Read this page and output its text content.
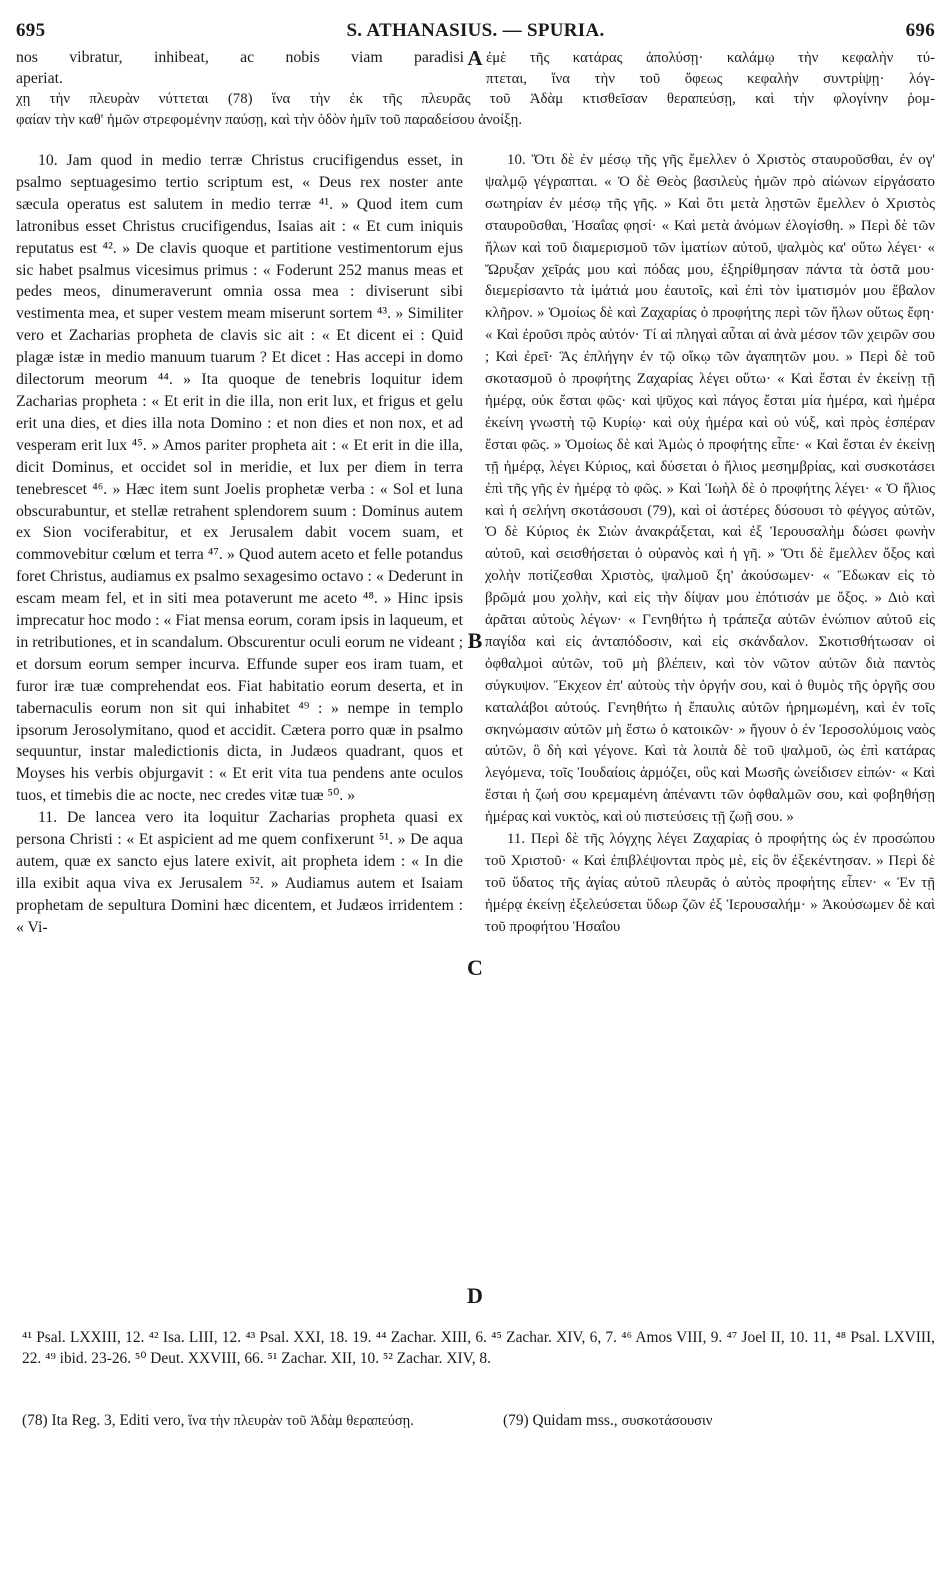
695	S. ATHANASIUS. — SPURIA.	696
nos vibratur, inhibeat, ac nobis viam paradisi A ἐμὲ τῆς κατάρας ἀπολύσῃ· καλάμῳ τὴν κεφαλὴν τύ-
aperiat.	πτεται, ἵνα τὴν τοῦ ὄφεως κεφαλὴν συντρίψῃ· λόγ-
χῃ τὴν πλευρὰν νύττεται (78) ἵνα τὴν ἐκ τῆς πλευρᾶς τοῦ Ἀδὰμ κτισθεῖσαν θεραπεύσῃ, καὶ τὴν φλογίνην ῥομ-
φαίαν τὴν καθ' ἡμῶν στρεφομένην παύσῃ, καὶ τὴν ὁδὸν ἡμῖν τοῦ παραδείσου ἀνοίξῃ.

10. Jam quod in medio terræ Christus crucifigendus esset, in psalmo septuagesimo tertio scriptum est, « Deus rex noster ante sæcula operatus est salutem in medio terræ ⁴¹. » Quod item cum latronibus esset Christus crucifigendus, Isaias ait : « Et cum iniquis reputatus est ⁴². » De clavis quoque et partitione vestimentorum ejus sic habet psalmus vicesimus primus : « Foderunt 252 manus meas et pedes meos, dinumeraverunt omnia ossa mea : diviserunt sibi vestimenta mea, et super vestem meam miserunt sortem ⁴³. » Similiter vero et Zacharias propheta de clavis sic ait : « Et dicent ei : Quid plagæ istæ in medio manuum tuarum ? Et dicet : Has accepi in domo dilectorum meorum ⁴⁴. » Ita quoque de tenebris loquitur idem Zacharias propheta : « Et erit in die illa, non erit lux, et frigus et gelu erit una dies, et dies illa nota Domino : et non dies et non nox, et ad vesperam erit lux ⁴⁵. » Amos pariter propheta ait : « Et erit in die illa, dicit Dominus, et occidet sol in meridie, et lux per diem in terra tenebrescet ⁴⁶. » Hæc item sunt Joelis prophetæ verba : « Sol et luna obscurabuntur, et stellæ retrahent splendorem suum : Dominus autem ex Sion vociferabitur, et ex Jerusalem dabit vocem suam, et commovebitur cœlum et terra ⁴⁷. » Quod autem aceto et felle potandus foret Christus, audiamus ex psalmo sexagesimo octavo : « Dederunt in escam meam fel, et in siti mea potaverunt me aceto ⁴⁸. » Hinc ipsis imprecatur hoc modo : « Fiat mensa eorum, coram ipsis in laqueum, et in retributiones, et in scandalum. Obscurentur oculi eorum ne videant ; et dorsum eorum semper incurva. Effunde super eos iram tuam, et furor iræ tuæ comprehendat eos. Fiat habitatio eorum deserta, et in tabernaculis eorum non sit qui inhabitet ⁴⁹ : » nempe in templo ipsorum Jerosolymitano, quod et accidit. Cætera porro quæ in psalmo sequuntur, instar maledictionis dicta, in Judæos quadrant, quos et Moyses his verbis objurgavit : « Et erit vita tua pendens ante oculos tuos, et timebis die ac nocte, nec credes vitæ tuæ ⁵⁰. »

11. De lancea vero ita loquitur Zacharias propheta quasi ex persona Christi : « Et aspicient ad me quem confixerunt ⁵¹. » De aqua autem, quæ ex sancto ejus latere exivit, ait propheta idem : « In die illa exibit aqua viva ex Jerusalem ⁵². » Audiamus autem et Isaiam prophetam de sepultura Domini hæc dicentem, et Judæos irridentem : « Vi-

B
C
D

10. Ὅτι δὲ ἐν μέσῳ τῆς γῆς ἔμελλεν ὁ Χριστὸς σταυροῦσθαι, ἐν ογ' ψαλμῷ γέγραπται. « Ὁ δὲ Θεὸς βασιλεὺς ἡμῶν πρὸ αἰώνων εἰργάσατο σωτηρίαν ἐν μέσῳ τῆς γῆς. » Καὶ ὅτι μετὰ λῃστῶν ἔμελλεν ὁ Χριστὸς σταυροῦσθαι, Ἡσαΐας φησί· « Καὶ μετὰ ἀνόμων ἐλογίσθη. » Περὶ δὲ τῶν ἥλων καὶ τοῦ διαμερισμοῦ τῶν ἱματίων αὐτοῦ, ψαλμὸς κα' οὕτω λέγει· « Ὤρυξαν χεῖράς μου καὶ πόδας μου, ἐξηρίθμησαν πάντα τὰ ὀστᾶ μου· διεμερίσαντο τὰ ἱμάτιά μου ἑαυτοῖς, καὶ ἐπὶ τὸν ἱματισμόν μου ἔβαλον κλῆρον. » Ὁμοίως δὲ καὶ Ζαχαρίας ὁ προφήτης περὶ τῶν ἥλων οὕτως ἔφη· « Καὶ ἐροῦσι πρὸς αὐτόν· Τί αἱ πληγαὶ αὗται αἱ ἀνὰ μέσον τῶν χειρῶν σου ; Καὶ ἐρεῖ· Ἃς ἐπλήγην ἐν τῷ οἴκῳ τῶν ἀγαπητῶν μου. » Περὶ δὲ τοῦ σκοτασμοῦ ὁ προφήτης Ζαχαρίας λέγει οὕτω· « Καὶ ἔσται ἐν ἐκείνῃ τῇ ἡμέρᾳ, οὐκ ἔσται φῶς· καὶ ψῦχος καὶ πάγος ἔσται μία ἡμέρα, καὶ ἡμέρα ἐκείνη γνωστὴ τῷ Κυρίῳ· καὶ οὐχ ἡμέρα καὶ οὐ νύξ, καὶ πρὸς ἑσπέραν ἔσται φῶς. » Ὁμοίως δὲ καὶ Ἀμὼς ὁ προφήτης εἶπε· « Καὶ ἔσται ἐν ἐκείνῃ τῇ ἡμέρᾳ, λέγει Κύριος, καὶ δύσεται ὁ ἥλιος μεσημβρίας, καὶ συσκοτάσει ἐπὶ τῆς γῆς ἐν ἡμέρᾳ τὸ φῶς. » Καὶ Ἰωὴλ δὲ ὁ προφήτης λέγει· « Ὁ ἥλιος καὶ ἡ σελήνη σκοτάσουσι (79), καὶ οἱ ἀστέρες δύσουσι τὸ φέγγος αὐτῶν, Ὁ δὲ Κύριος ἐκ Σιὼν ἀνακράξεται, καὶ ἐξ Ἱερουσαλὴμ δώσει φωνὴν αὐτοῦ, καὶ σεισθήσεται ὁ οὐρανὸς καὶ ἡ γῆ. » Ὅτι δὲ ἔμελλεν ὄξος καὶ χολὴν ποτίζεσθαι Χριστὸς, ψαλμοῦ ξη' ἀκούσωμεν· « Ἔδωκαν εἰς τὸ βρῶμά μου χολὴν, καὶ εἰς τὴν δίψαν μου ἐπότισάν με ὄξος. » Διὸ καὶ ἀρᾶται αὐτοὺς λέγων· « Γενηθήτω ἡ τράπεζα αὐτῶν ἐνώπιον αὐτοῦ εἰς παγίδα καὶ εἰς ἀνταπόδοσιν, καὶ εἰς σκάνδαλον. Σκοτισθήτωσαν οἱ ὀφθαλμοὶ αὐτῶν, τοῦ μὴ βλέπειν, καὶ τὸν νῶτον αὐτῶν διὰ παντὸς σύγκυψον. Ἔκχεον ἐπ' αὐτοὺς τὴν ὀργήν σου, καὶ ὁ θυμὸς τῆς ὀργῆς σου καταλάβοι αὐτούς. Γενηθήτω ἡ ἔπαυλις αὐτῶν ἠρημωμένη, καὶ ἐν τοῖς σκηνώμασιν αὐτῶν μὴ ἔστω ὁ κατοικῶν· » ἤγουν ὁ ἐν Ἱεροσολύμοις ναὸς αὐτῶν, ὃ δὴ καὶ γέγονε. Καὶ τὰ λοιπὰ δὲ τοῦ ψαλμοῦ, ὡς ἐπὶ κατάρας λεγόμενα, τοῖς Ἰουδαίοις ἁρμόζει, οὓς καὶ Μωσῆς ὠνείδισεν εἰπών· « Καὶ ἔσται ἡ ζωή σου κρεμαμένη ἀπέναντι τῶν ὀφθαλμῶν σου, καὶ φοβηθήσῃ ἡμέρας καὶ νυκτὸς, καὶ οὐ πιστεύσεις τῇ ζωῇ σου. »

11. Περὶ δὲ τῆς λόγχης λέγει Ζαχαρίας ὁ προφήτης ὡς ἐν προσώπου τοῦ Χριστοῦ· « Καὶ ἐπιβλέψονται πρὸς μὲ, εἰς ὃν ἐξεκέντησαν. » Περὶ δὲ τοῦ ὕδατος τῆς ἁγίας αὐτοῦ πλευρᾶς ὁ αὐτὸς προφήτης εἶπεν· « Ἐν τῇ ἡμέρᾳ ἐκείνῃ ἐξελεύσεται ὕδωρ ζῶν ἐξ Ἱερουσαλήμ· » Ἀκούσωμεν δὲ καὶ τοῦ προφήτου Ἡσαΐου

⁴¹ Psal. LXXIII, 12. ⁴² Isa. LIII, 12. ⁴³ Psal. XXI, 18. 19. ⁴⁴ Zachar. XIII, 6. ⁴⁵ Zachar. XIV, 6, 7. ⁴⁶ Amos VIII, 9. ⁴⁷ Joel II, 10. 11, ⁴⁸ Psal. LXVIII, 22. ⁴⁹ ibid. 23-26. ⁵⁰ Deut. XXVIII, 66. ⁵¹ Zachar. XII, 10. ⁵² Zachar. XIV, 8.
(78) Ita Reg. 3, Editi vero, ἵνα τὴν πλευρὰν τοῦ Ἀδὰμ θεραπεύσῃ.	(79) Quidam mss., συσκοτάσουσιν
